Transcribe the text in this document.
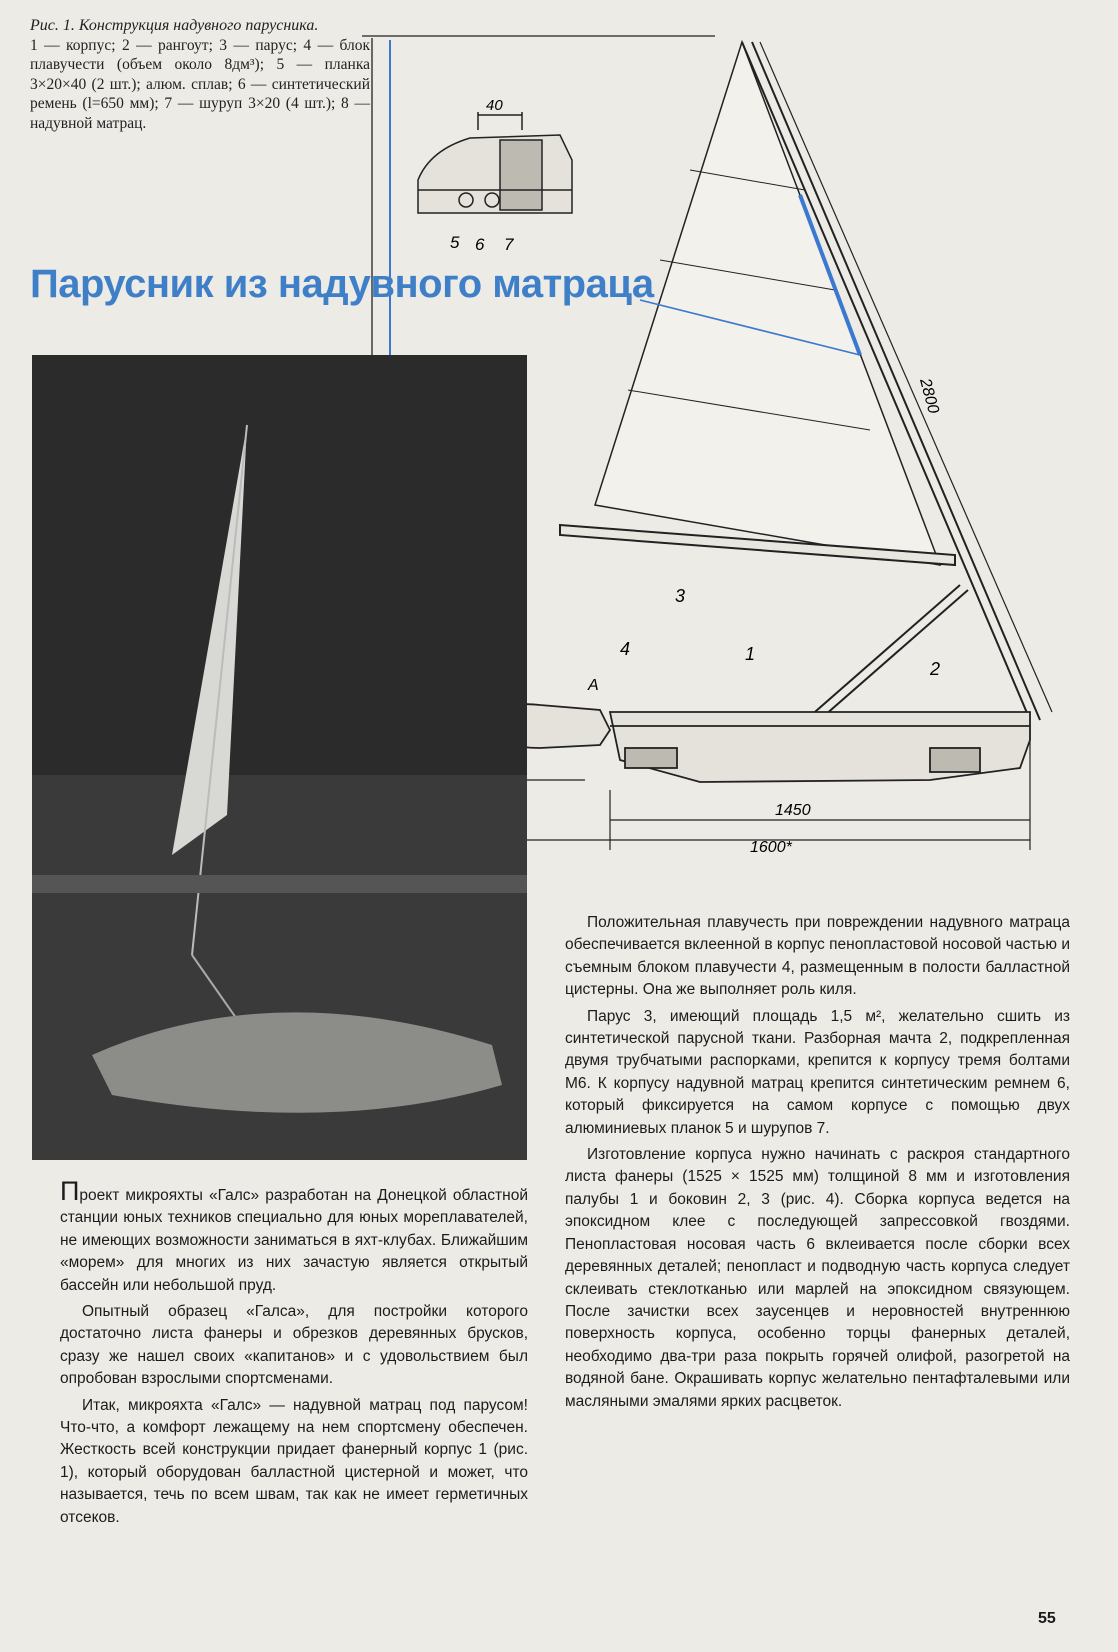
Рис. 1. Конструкция надувного парусника.
1 — корпус; 2 — рангоут; 3 — парус; 4 — блок плавучести (объем около 8дм³); 5 — планка 3×20×40 (2 шт.); алюм. сплав; 6 — синтетический ремень (l=650 мм); 7 — шуруп 3×20 (4 шт.); 8 — надувной матрац.
40
5 6 7
2800
1450
1600*
4	1
3
2
A
Парусник из надувного матраца

Проект микрояхты «Галс» разработан на Донецкой областной станции юных техников специально для юных мореплавателей, не имеющих возможности заниматься в яхт-клубах. Ближайшим «морем» для многих из них зачастую является открытый бассейн или небольшой пруд.

Опытный образец «Галса», для постройки которого достаточно листа фанеры и обрезков деревянных брусков, сразу же нашел своих «капитанов» и с удовольствием был опробован взрослыми спортсменами.

Итак, микрояхта «Галс» — надувной матрац под парусом! Что-что, а комфорт лежащему на нем спортсмену обеспечен. Жесткость всей конструкции придает фанерный корпус 1 (рис. 1), который оборудован балластной цистерной и может, что называется, течь по всем швам, так как не имеет герметичных отсеков.

Положительная плавучесть при повреждении надувного матраца обеспечивается вклеенной в корпус пенопластовой носовой частью и съемным блоком плавучести 4, размещенным в полости балластной цистерны. Она же выполняет роль киля.

Парус 3, имеющий площадь 1,5 м², желательно сшить из синтетической парусной ткани. Разборная мачта 2, подкрепленная двумя трубчатыми распорками, крепится к корпусу тремя болтами М6. К корпусу надувной матрац крепится синтетическим ремнем 6, который фиксируется на самом корпусе с помощью двух алюминиевых планок 5 и шурупов 7.

Изготовление корпуса нужно начинать с раскроя стандартного листа фанеры (1525 × 1525 мм) толщиной 8 мм и изготовления палубы 1 и боковин 2, 3 (рис. 4). Сборка корпуса ведется на эпоксидном клее с последующей запрессовкой гвоздями. Пенопластовая носовая часть 6 вклеивается после сборки всех деревянных деталей; пенопласт и подводную часть корпуса следует склеивать стеклотканью или марлей на эпоксидном связующем. После зачистки всех заусенцев и неровностей внутреннюю поверхность корпуса, особенно торцы фанерных деталей, необходимо два-три раза покрыть горячей олифой, разогретой на водяной бане. Окрашивать корпус желательно пентафталевыми или масляными эмалями ярких расцветок.

55
